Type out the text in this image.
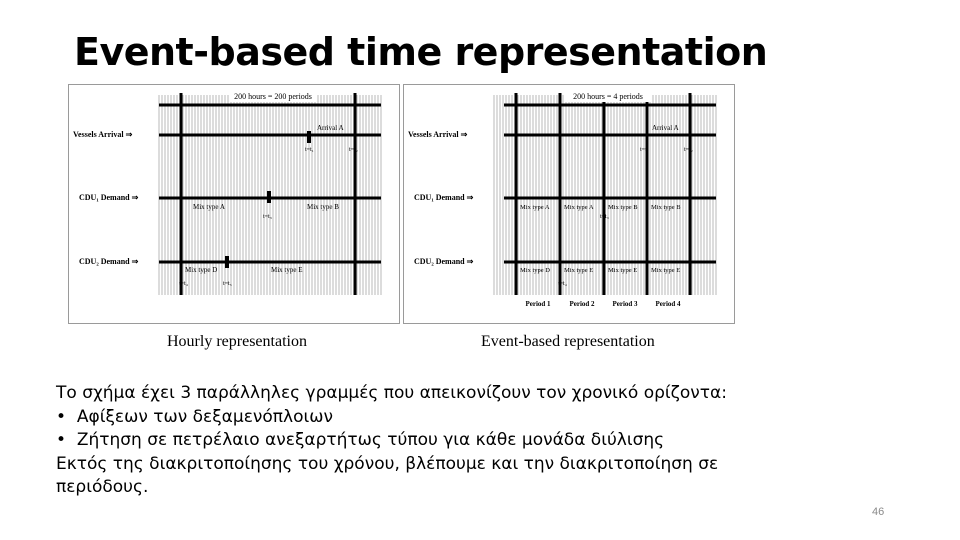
Event-based time representation
200 hours = 200 periods
Vessels Arrival ⇒
CDU₁ Demand ⇒
CDU₂ Demand ⇒
Arrival A
t=t₁	t=t₂
Mix type A	Mix type B
t=t₃
Mix type D	Mix type E
t=t₄	t=t₅
Hourly representation
200 hours = 4 periods
Vessels Arrival ⇒
CDU₁ Demand ⇒
CDU₂ Demand ⇒
Arrival A
t=t₁	t=t₂
Mix type A Mix type A Mix type B Mix type B
t=t₃
Mix type D Mix type E Mix type E Mix type E
t=t₄
Period 1	Period 2	Period 3	Period 4
Event-based representation
Το σχήμα έχει 3 παράλληλες γραμμές που απεικονίζουν τον χρονικό ορίζοντα:
•  Αφίξεων των δεξαμενόπλοιων
•  Ζήτηση σε πετρέλαιο ανεξαρτήτως τύπου για κάθε μονάδα διύλισης
Εκτός της διακριτοποίησης του χρόνου, βλέπουμε και την διακριτοποίηση σε
περιόδους.
46
